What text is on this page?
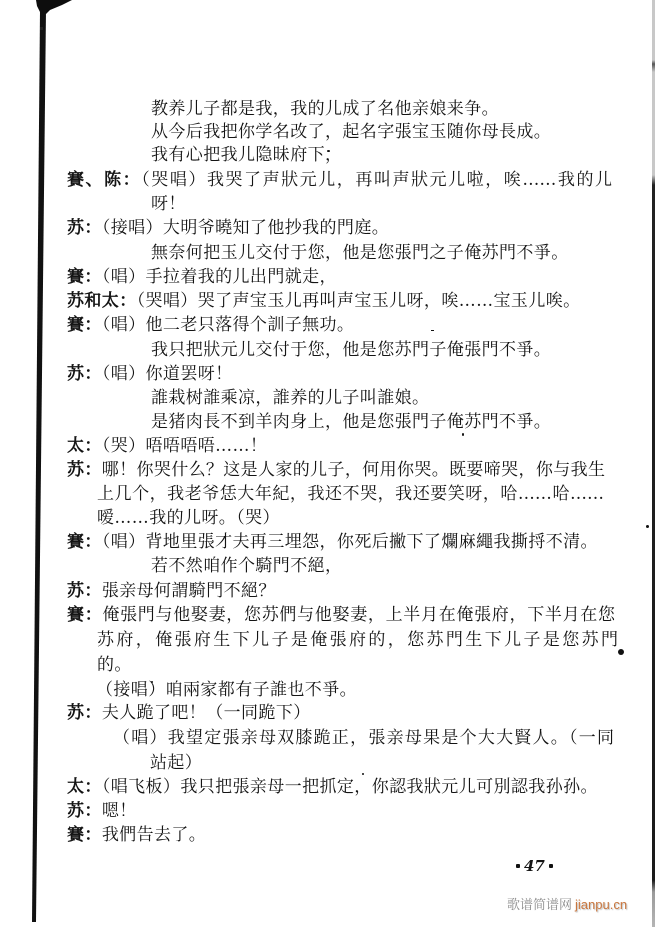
教养儿子都是我，我的儿成了名他亲娘来争。
从今后我把你学名改了，起名字張宝玉随你母長成。
我有心把我儿隐昧府下，
賽、陈：（哭唱）我哭了声狀元儿，再叫声狀元儿啦，唉……我的儿
呀！
苏：（接唱）大明爷曉知了他抄我的門庭。
無奈何把玉儿交付于您，他是您張門之子俺苏門不爭。
賽：（唱）手拉着我的儿出門就走，
苏和太：（哭唱）哭了声宝玉儿再叫声宝玉儿呀，唉……宝玉儿唉。
賽：（唱）他二老只落得个訓子無功。
我只把狀元儿交付于您，他是您苏門子俺張門不爭。
苏：（唱）你道罢呀！
誰栽树誰乘凉，誰养的儿子叫誰娘。
是猪肉長不到羊肉身上，他是您張門子俺苏門不爭。
太：（哭）唔唔唔唔……！
苏：哪！你哭什么？这是人家的儿子，何用你哭。既要啼哭，你与我生
上几个，我老爷恁大年紀，我还不哭，我还要笑呀，哈……哈……
嗳……我的儿呀。（哭）
賽：（唱）背地里張才夫再三埋怨，你死后撇下了爛麻繩我撕捋不清。
若不然咱作个騎門不絕，
苏：張亲母何謂騎門不絕？
賽：俺張門与他娶妻，您苏們与他娶妻，上半月在俺張府，下半月在您
苏府，俺張府生下儿子是俺張府的，您苏門生下儿子是您苏門
的。
（接唱）咱兩家都有子誰也不爭。
苏：夫人跪了吧！（一同跪下）
（唱）我望定張亲母双膝跪正，張亲母果是个大大賢人。（一同
站起）
太：（唱飞板）我只把張亲母一把抓定，你認我狀元儿可別認我孙孙。
苏：嗯！
賽：我們告去了。
47
歌谱简谱网 jianpu.cn
